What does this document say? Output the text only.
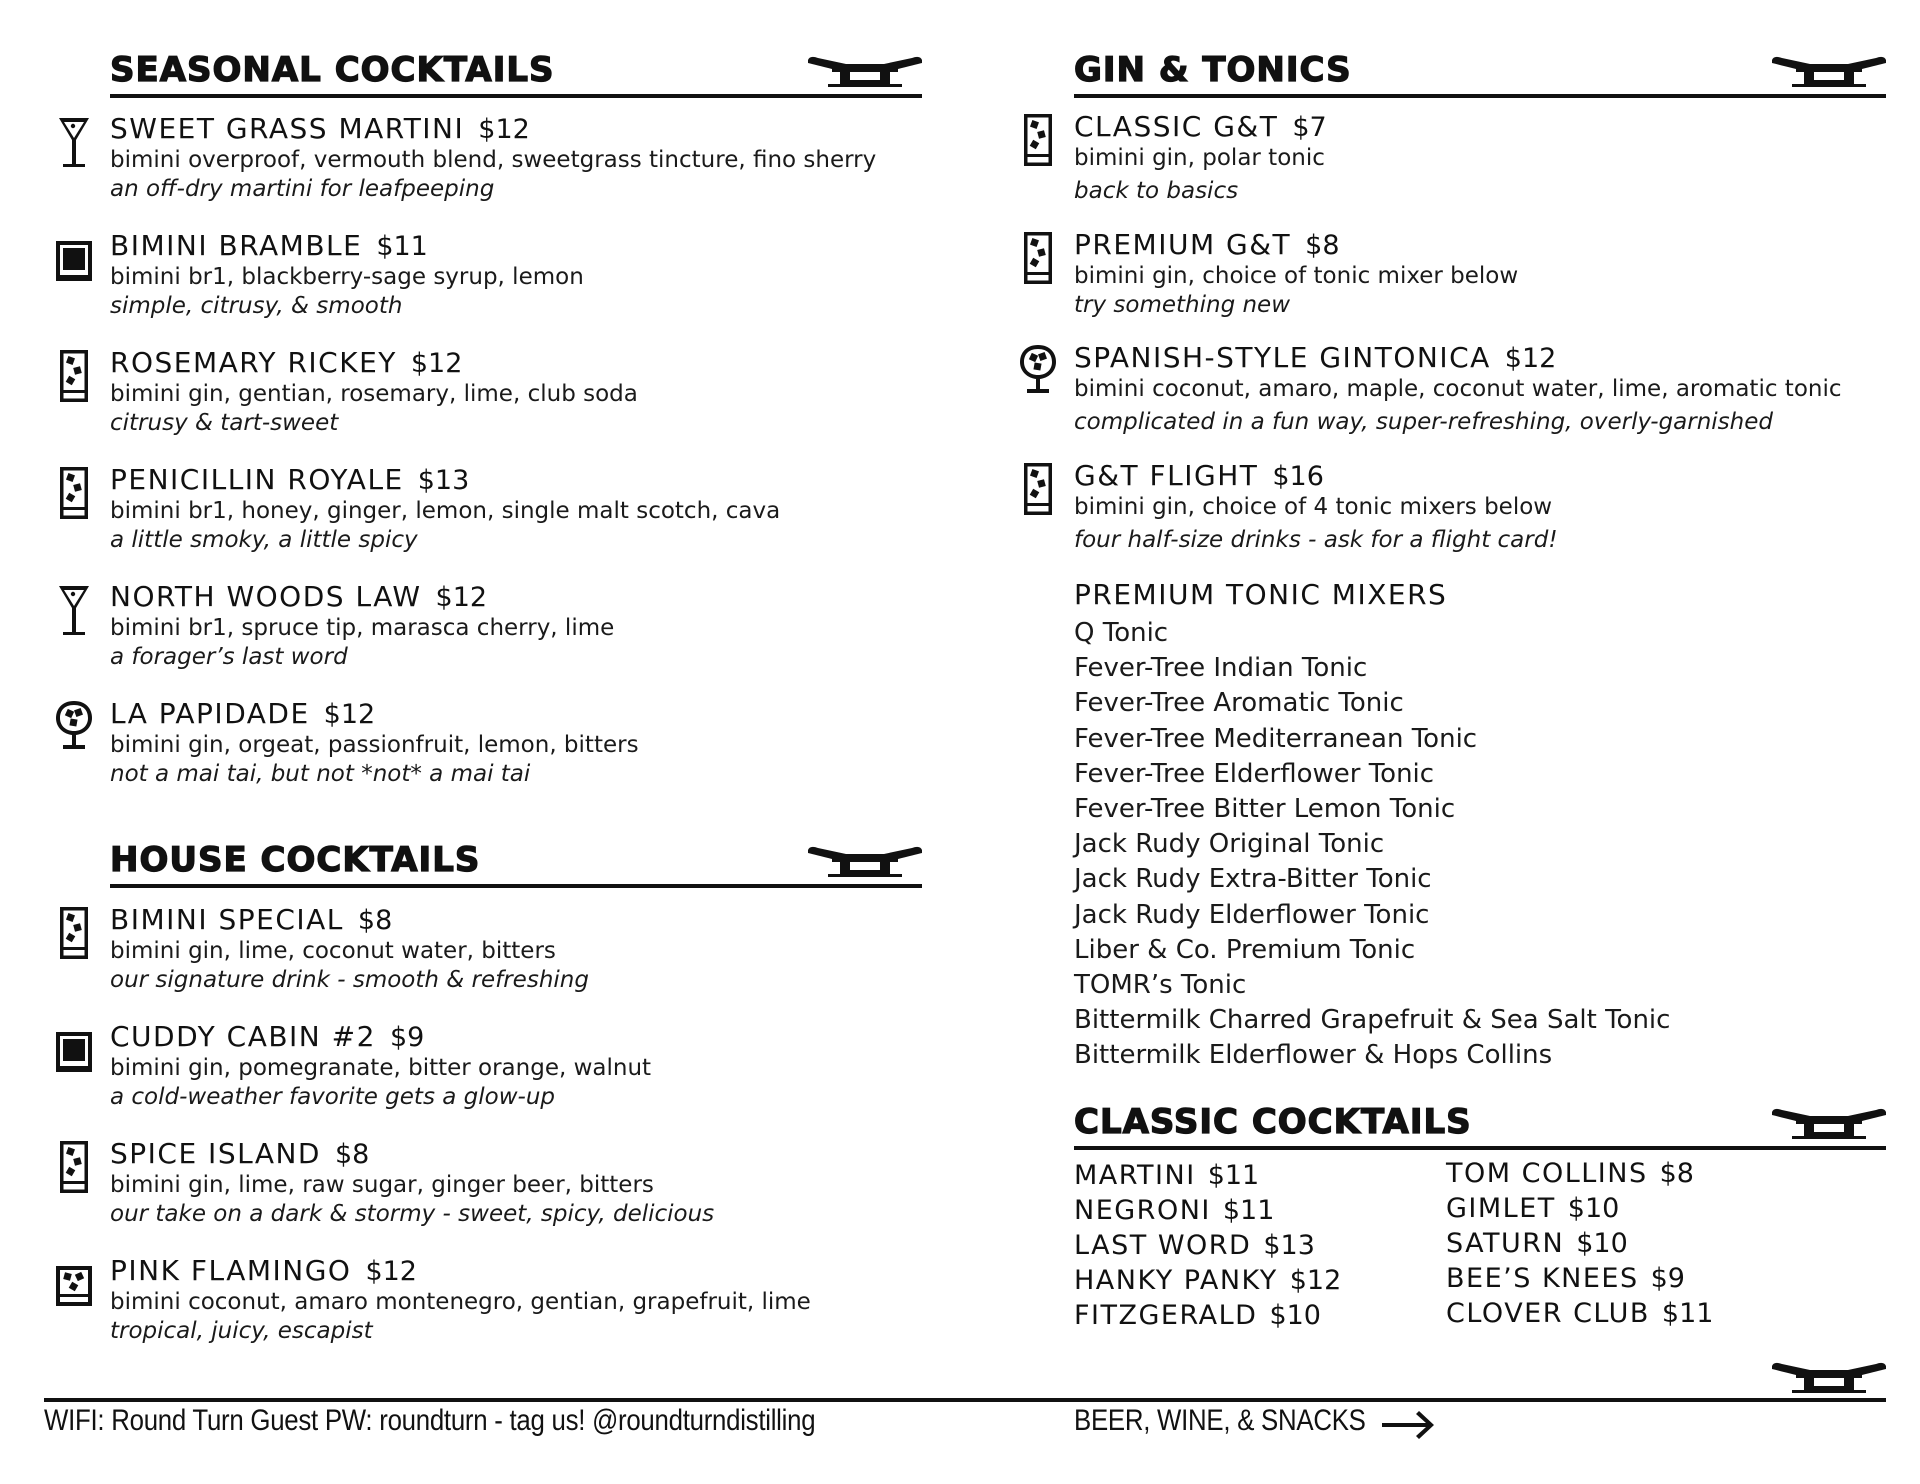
SEASONAL COCKTAILS
SWEET GRASS MARTINI $12
bimini overproof, vermouth blend, sweetgrass tincture, fino sherry
an off-dry martini for leafpeeping
BIMINI BRAMBLE $11
bimini br1, blackberry-sage syrup, lemon
simple, citrusy, & smooth
ROSEMARY RICKEY $12
bimini gin, gentian, rosemary, lime, club soda
citrusy & tart-sweet
PENICILLIN ROYALE $13
bimini br1, honey, ginger, lemon, single malt scotch, cava
a little smoky, a little spicy
NORTH WOODS LAW $12
bimini br1, spruce tip, marasca cherry, lime
a forager’s last word
LA PAPIDADE $12
bimini gin, orgeat, passionfruit, lemon, bitters
not a mai tai, but not *not* a mai tai
HOUSE COCKTAILS
BIMINI SPECIAL $8
bimini gin, lime, coconut water, bitters
our signature drink - smooth & refreshing
CUDDY CABIN #2 $9
bimini gin, pomegranate, bitter orange, walnut
a cold-weather favorite gets a glow-up
SPICE ISLAND $8
bimini gin, lime, raw sugar, ginger beer, bitters
our take on a dark & stormy - sweet, spicy, delicious
PINK FLAMINGO $12
bimini coconut, amaro montenegro, gentian, grapefruit, lime
tropical, juicy, escapist
GIN & TONICS
CLASSIC G&T $7
bimini gin, polar tonic
back to basics
PREMIUM G&T $8
bimini gin, choice of tonic mixer below
try something new
SPANISH-STYLE GINTONICA $12
bimini coconut, amaro, maple, coconut water, lime, aromatic tonic
complicated in a fun way, super-refreshing, overly-garnished
G&T FLIGHT $16
bimini gin, choice of 4 tonic mixers below
four half-size drinks - ask for a flight card!
PREMIUM TONIC MIXERS
Q Tonic
Fever-Tree Indian Tonic
Fever-Tree Aromatic Tonic
Fever-Tree Mediterranean Tonic
Fever-Tree Elderflower Tonic
Fever-Tree Bitter Lemon Tonic
Jack Rudy Original Tonic
Jack Rudy Extra-Bitter Tonic
Jack Rudy Elderflower Tonic
Liber & Co. Premium Tonic
TOMR’s Tonic
Bittermilk Charred Grapefruit & Sea Salt Tonic
Bittermilk Elderflower & Hops Collins
CLASSIC COCKTAILS
MARTINI $11
NEGRONI $11
LAST WORD $13
HANKY PANKY $12
FITZGERALD $10
TOM COLLINS $8
GIMLET $10
SATURN $10
BEE’S KNEES $9
CLOVER CLUB $11
WIFI: Round Turn Guest PW: roundturn - tag us! @roundturndistilling	BEER, WINE, & SNACKS
